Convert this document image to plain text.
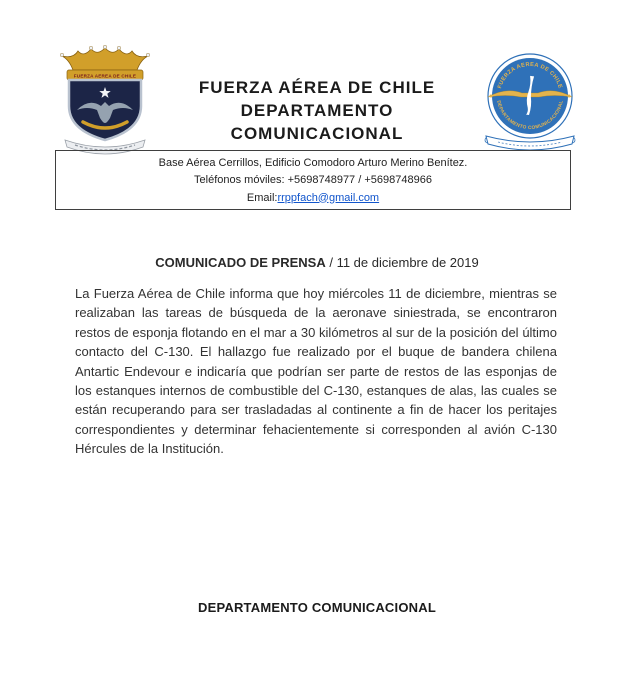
FUERZA AEREA DE CHILE
FUERZA AÉREA DE CHILE
DEPARTAMENTO COMUNICACIONAL
FUERZA AEREA DE CHILE
DEPARTAMENTO COMUNICACIONAL
Base Aérea Cerrillos, Edificio Comodoro Arturo Merino Benítez.
Teléfonos móviles: +5698748977 / +5698748966
Email:rrppfach@gmail.com
COMUNICADO DE PRENSA / 11 de diciembre de 2019

La Fuerza Aérea de Chile informa que hoy miércoles 11 de diciembre, mientras se realizaban las tareas de búsqueda de la aeronave siniestrada, se encontraron restos de esponja flotando en el mar a 30 kilómetros al sur de la posición del último contacto del C-130. El hallazgo fue realizado por el buque de bandera chilena Antartic Endevour e indicaría que podrían ser parte de restos de las esponjas de los estanques internos de combustible del C-130, estanques de alas, las cuales se están recuperando para ser trasladadas al continente a fin de hacer los peritajes correspondientes y determinar fehacientemente si corresponden al avión C-130 Hércules de la Institución.

DEPARTAMENTO COMUNICACIONAL
